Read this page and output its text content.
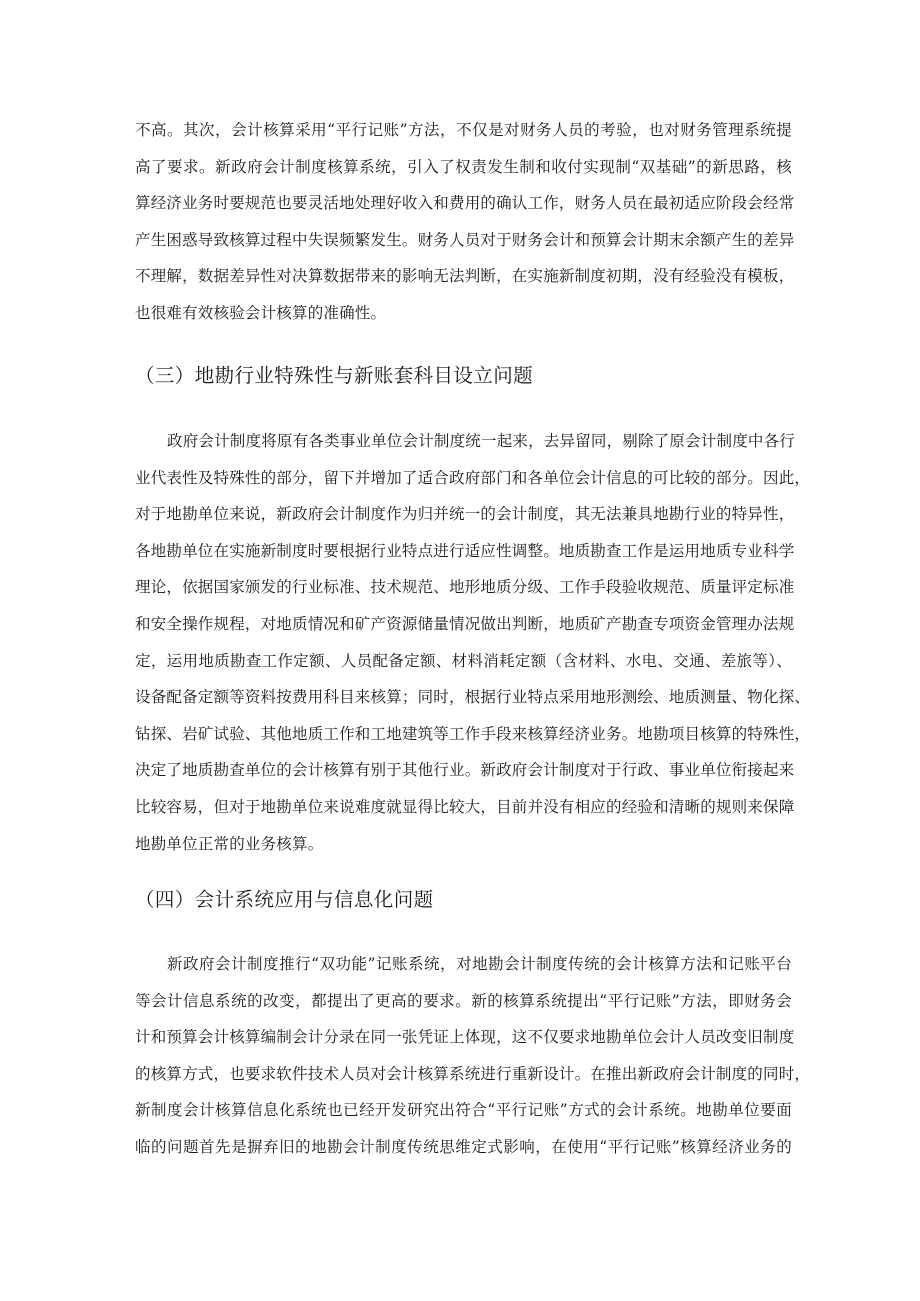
不高。其次，会计核算采用“平行记账”方法，不仅是对财务人员的考验，也对财务管理系统提
高了要求。新政府会计制度核算系统，引入了权责发生制和收付实现制“双基础”的新思路，核
算经济业务时要规范也要灵活地处理好收入和费用的确认工作，财务人员在最初适应阶段会经常
产生困惑导致核算过程中失误频繁发生。财务人员对于财务会计和预算会计期末余额产生的差异
不理解，数据差异性对决算数据带来的影响无法判断，在实施新制度初期，没有经验没有模板，
也很难有效核验会计核算的准确性。
（三）地勘行业特殊性与新账套科目设立问题
政府会计制度将原有各类事业单位会计制度统一起来，去异留同，剔除了原会计制度中各行
业代表性及特殊性的部分，留下并增加了适合政府部门和各单位会计信息的可比较的部分。因此，
对于地勘单位来说，新政府会计制度作为归并统一的会计制度，其无法兼具地勘行业的特异性，
各地勘单位在实施新制度时要根据行业特点进行适应性调整。地质勘查工作是运用地质专业科学
理论，依据国家颁发的行业标准、技术规范、地形地质分级、工作手段验收规范、质量评定标准
和安全操作规程，对地质情况和矿产资源储量情况做出判断，地质矿产勘查专项资金管理办法规
定，运用地质勘查工作定额、人员配备定额、材料消耗定额（含材料、水电、交通、差旅等）、
设备配备定额等资料按费用科目来核算；同时，根据行业特点采用地形测绘、地质测量、物化探、
钻探、岩矿试验、其他地质工作和工地建筑等工作手段来核算经济业务。地勘项目核算的特殊性，
决定了地质勘查单位的会计核算有别于其他行业。新政府会计制度对于行政、事业单位衔接起来
比较容易，但对于地勘单位来说难度就显得比较大，目前并没有相应的经验和清晰的规则来保障
地勘单位正常的业务核算。
（四）会计系统应用与信息化问题
新政府会计制度推行“双功能”记账系统，对地勘会计制度传统的会计核算方法和记账平台
等会计信息系统的改变，都提出了更高的要求。新的核算系统提出“平行记账”方法，即财务会
计和预算会计核算编制会计分录在同一张凭证上体现，这不仅要求地勘单位会计人员改变旧制度
的核算方式，也要求软件技术人员对会计核算系统进行重新设计。在推出新政府会计制度的同时，
新制度会计核算信息化系统也已经开发研究出符合“平行记账”方式的会计系统。地勘单位要面
临的问题首先是摒弃旧的地勘会计制度传统思维定式影响，在使用“平行记账”核算经济业务的
